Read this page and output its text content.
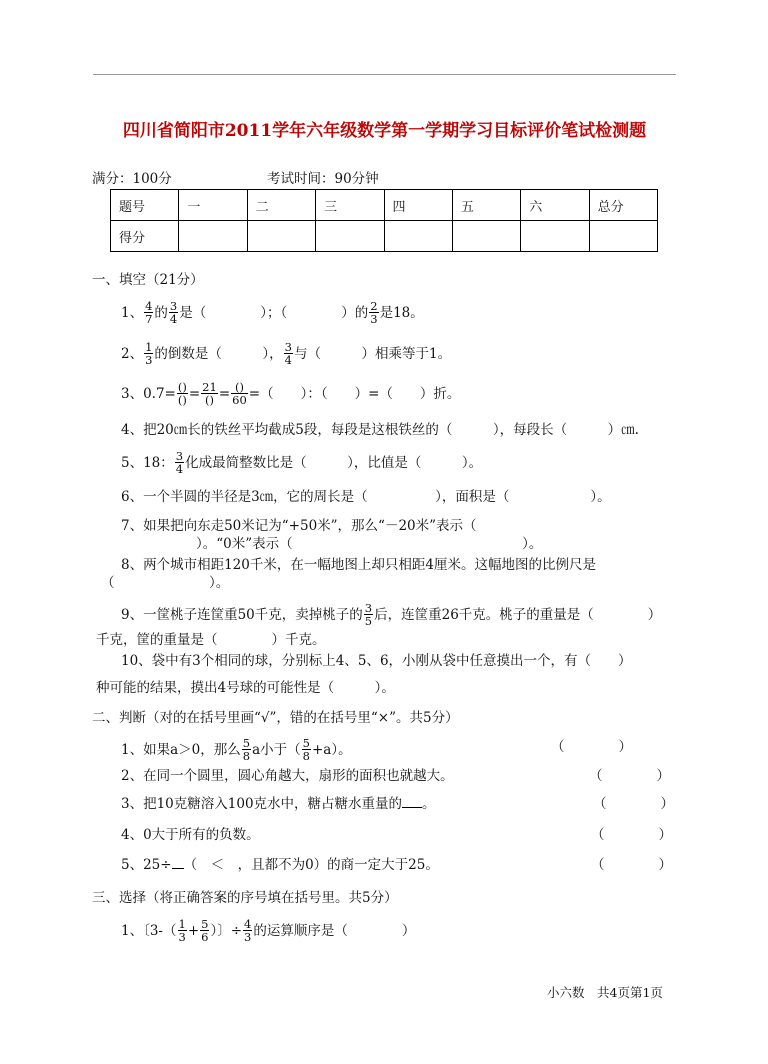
四川省简阳市2011学年六年级数学第一学期学习目标评价笔试检测题
满分：100分	考试时间：90分钟
题号	一	二	三	四	五	六	总分
得分							
一、填空（21分）
1、 $\frac{4}{7}$ 的 $\frac{3}{4}$ 是（　　　　）；（　　　　）的 $\frac{2}{3}$ 是18。
2、 $\frac{1}{3}$ 的倒数是（　　　）， $\frac{3}{4}$ 与（　　　）相乘等于1。
3、$0.7= \frac{()}{()} = \frac{21}{()} = \frac{()}{60}$ =（　　）：（　　）=（　　）折。
4、把20㎝长的铁丝平均截成5段，每段是这根铁丝的（　　　），每段长（　　　）㎝.
5、18： $\frac{3}{4}$ 化成最简整数比是（　　　），比值是（　　　）。
6、一个半圆的半径是3㎝，它的周长是（　　　　　），面积是（　　　　　　）。
7、如果把向东走50米记为“+50米”，那么“－20米”表示（
）。“0米”表示（　　　　　　　　　　　　　　　　　）。
8、两个城市相距120千米，在一幅地图上却只相距4厘米。这幅地图的比例尺是
（　　　　　　　）。
9、一筐桃子连筐重50千克，卖掉桃子的 $\frac{3}{5}$ 后，连筐重26千克。桃子的重量是（　　　　）
千克，筐的重量是（　　　　）千克。
10、袋中有3个相同的球，分别标上4、5、6，小刚从袋中任意摸出一个，有（　　）
种可能的结果，摸出4号球的可能性是（　　　）。
二、判断（对的在括号里画“√”，错的在括号里“×”。共5分）
1、如果a＞0，那么 $\frac{5}{8}$ a小于（ $\frac{5}{8} +a$）。	（　　　　）
2、在同一个圆里，圆心角越大，扇形的面积也就越大。	（　　　　）
3、把10克糖溶入100克水中，糖占糖水重量的 。	（　　　　）
4、0大于所有的负数。	（　　　　）
5、25÷ （　＜　，且都不为0）的商一定大于25。	（　　　　）
三、选择（将正确答案的序号填在括号里。共5分）
1、〔$3-( \frac{1}{3} + \frac{5}{6}$ ）〕÷ $\frac{4}{3}$ 的运算顺序是（　　　　）
小六数　共4页第1页
